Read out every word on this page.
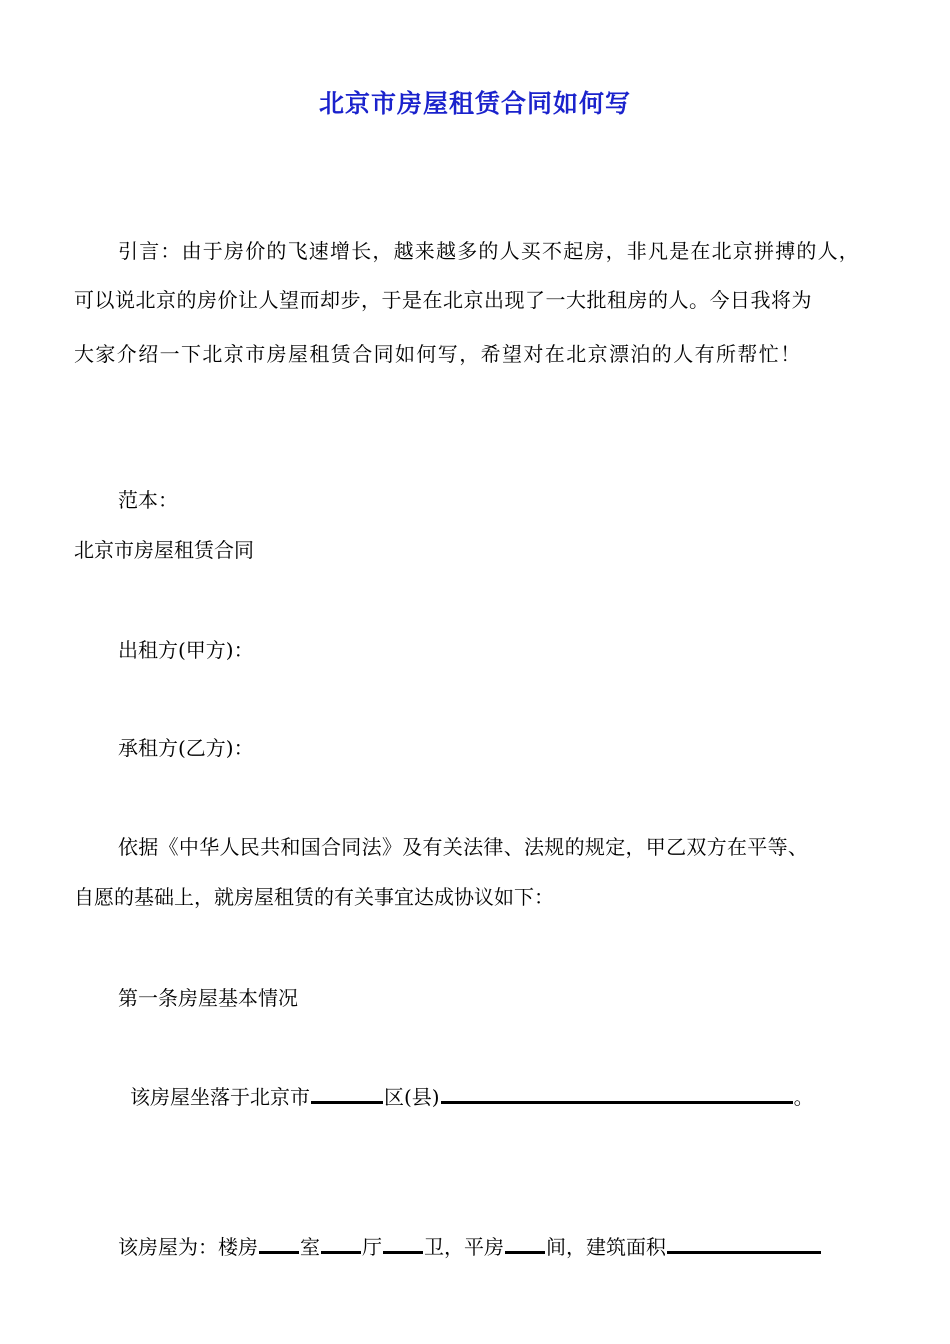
北京市房屋租赁合同如何写
引言：由于房价的飞速增长，越来越多的人买不起房，非凡是在北京拼搏的人，
可以说北京的房价让人望而却步，于是在北京出现了一大批租房的人。今日我将为
大家介绍一下北京市房屋租赁合同如何写，希望对在北京漂泊的人有所帮忙！
范本：
北京市房屋租赁合同
出租方(甲方)：
承租方(乙方)：
依据《中华人民共和国合同法》及有关法律、法规的规定，甲乙双方在平等、
自愿的基础上，就房屋租赁的有关事宜达成协议如下：
第一条房屋基本情况
该房屋坐落于北京市	区(县)	。
该房屋为：楼房 室 厅 卫，平房 间，建筑面积
